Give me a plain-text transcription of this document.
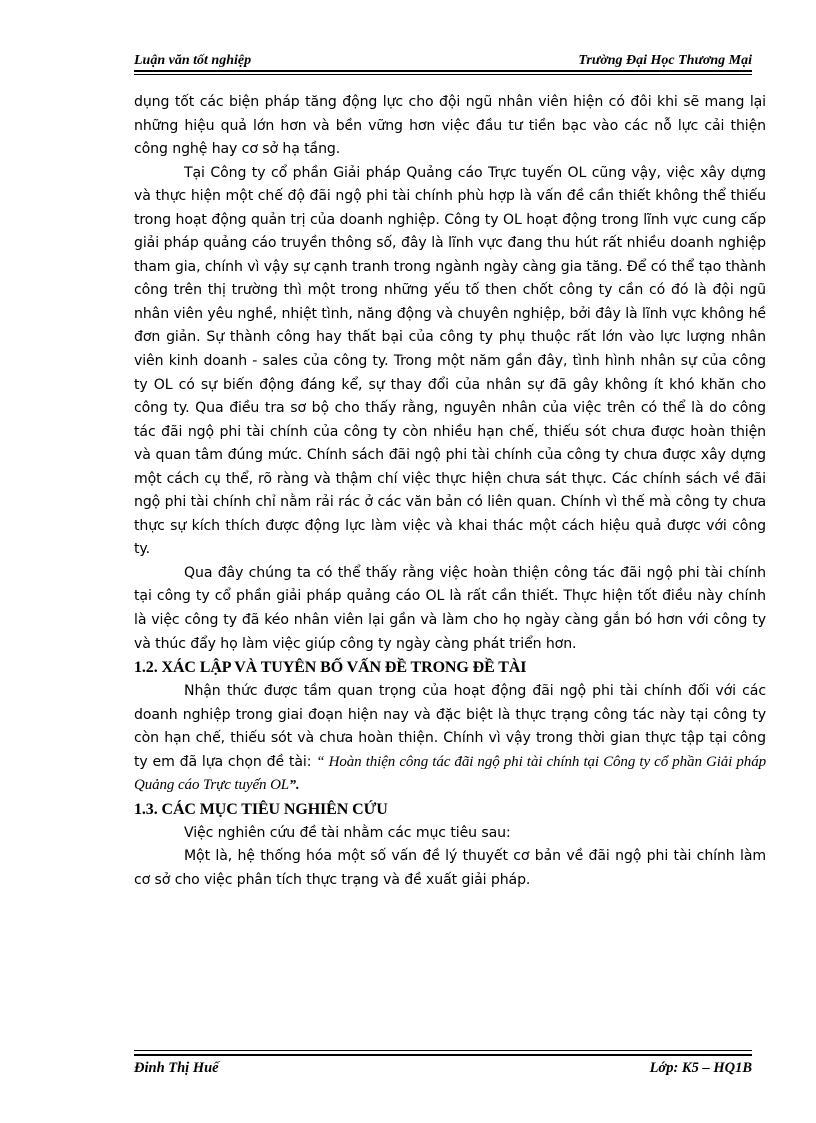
Luận văn tốt nghiệp	Trường Đại Học Thương Mại

dụng tốt các biện pháp tăng động lực cho đội ngũ nhân viên hiện có đôi khi sẽ mang lại những hiệu quả lớn hơn và bền vững hơn việc đầu tư tiền bạc vào các nỗ lực cải thiện công nghệ hay cơ sở hạ tầng.

Tại Công ty cổ phần Giải pháp Quảng cáo Trực tuyến OL cũng vậy, việc xây dựng và thực hiện một chế độ đãi ngộ phi tài chính phù hợp là vấn đề cần thiết không thể thiếu trong hoạt động quản trị của doanh nghiệp. Công ty OL hoạt động trong lĩnh vực cung cấp giải pháp quảng cáo truyền thông số, đây là lĩnh vực đang thu hút rất nhiều doanh nghiệp tham gia, chính vì vậy sự cạnh tranh trong ngành ngày càng gia tăng. Để có thể tạo thành công trên thị trường thì một trong những yếu tố then chốt công ty cần có đó là đội ngũ nhân viên yêu nghề, nhiệt tình, năng động và chuyên nghiệp, bởi đây là lĩnh vực không hề đơn giản. Sự thành công hay thất bại của công ty phụ thuộc rất lớn vào lực lượng nhân viên kinh doanh - sales của công ty. Trong một năm gần đây, tình hình nhân sự của công ty OL có sự biến động đáng kể, sự thay đổi của nhân sự đã gây không ít khó khăn cho công ty. Qua điều tra sơ bộ cho thấy rằng, nguyên nhân của việc trên có thể là do công tác đãi ngộ phi tài chính của công ty còn nhiều hạn chế, thiếu sót chưa được hoàn thiện và quan tâm đúng mức. Chính sách đãi ngộ phi tài chính của công ty chưa được xây dựng một cách cụ thể, rõ ràng và thậm chí việc thực hiện chưa sát thực. Các chính sách về đãi ngộ phi tài chính chỉ nằm rải rác ở các văn bản có liên quan. Chính vì thế mà công ty chưa thực sự kích thích được động lực làm việc và khai thác một cách hiệu quả được với công ty.

Qua đây chúng ta có thể thấy rằng việc hoàn thiện công tác đãi ngộ phi tài chính tại công ty cổ phần giải pháp quảng cáo OL là rất cần thiết. Thực hiện tốt điều này chính là việc công ty đã kéo nhân viên lại gần và làm cho họ ngày càng gắn bó hơn với công ty và thúc đẩy họ làm việc giúp công ty ngày càng phát triển hơn.

1.2. XÁC LẬP VÀ TUYÊN BỐ VẤN ĐỀ TRONG ĐỀ TÀI

Nhận thức được tầm quan trọng của hoạt động đãi ngộ phi tài chính đối với các doanh nghiệp trong giai đoạn hiện nay và đặc biệt là thực trạng công tác này tại công ty còn hạn chế, thiếu sót và chưa hoàn thiện. Chính vì vậy trong thời gian thực tập tại công ty em đã lựa chọn đề tài: “ Hoàn thiện công tác đãi ngộ phi tài chính tại Công ty cổ phần Giải pháp Quảng cáo Trực tuyến OL”.

1.3. CÁC MỤC TIÊU NGHIÊN CỨU

Việc nghiên cứu đề tài nhằm các mục tiêu sau:

Một là, hệ thống hóa một số vấn đề lý thuyết cơ bản về đãi ngộ phi tài chính làm cơ sở cho việc phân tích thực trạng và đề xuất giải pháp.

Đinh Thị Huế	Lớp: K5 – HQ1B
